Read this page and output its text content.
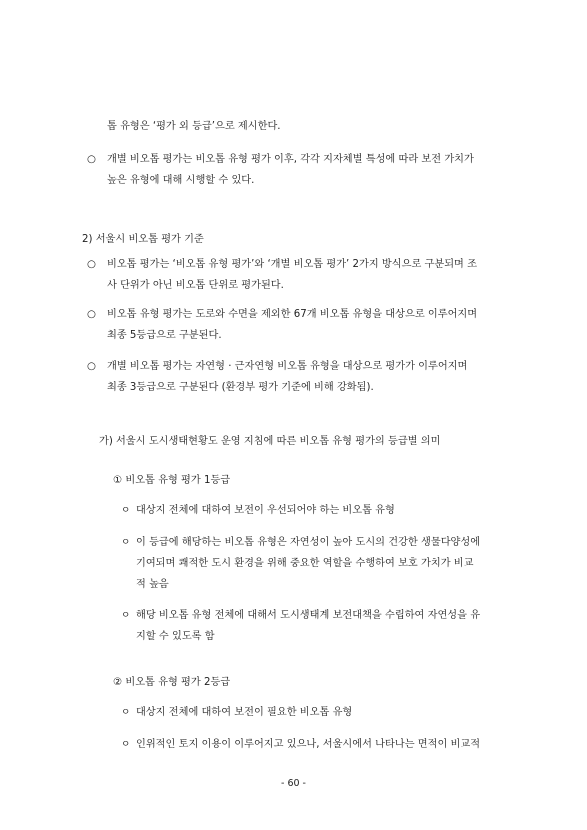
톱 유형은 ‘평가 외 등급’으로 제시한다.

○ 개별 비오톱 평가는 비오톱 유형 평가 이후, 각각 지자체별 특성에 따라 보전 가치가

높은 유형에 대해 시행할 수 있다.

2) 서울시 비오톱 평가 기준

○ 비오톱 평가는 ‘비오톱 유형 평가’와 ‘개별 비오톱 평가’ 2가지 방식으로 구분되며 조

사 단위가 아닌 비오톱 단위로 평가된다.

○ 비오톱 유형 평가는 도로와 수면을 제외한 67개 비오톱 유형을 대상으로 이루어지며

최종 5등급으로 구분된다.

○ 개별 비오톱 평가는 자연형 · 근자연형 비오톱 유형을 대상으로 평가가 이루어지며

최종 3등급으로 구분된다 (환경부 평가 기준에 비해 강화됨).

가) 서울시 도시생태현황도 운영 지침에 따른 비오톱 유형 평가의 등급별 의미

① 비오톱 유형 평가 1등급

ㅇ 대상지 전체에 대하여 보전이 우선되어야 하는 비오톱 유형

ㅇ 이 등급에 해당하는 비오톱 유형은 자연성이 높아 도시의 건강한 생물다양성에

기여되며 쾌적한 도시 환경을 위해 중요한 역할을 수행하여 보호 가치가 비교

적 높음

ㅇ 해당 비오톱 유형 전체에 대해서 도시생태계 보전대책을 수립하여 자연성을 유

지할 수 있도록 함

② 비오톱 유형 평가 2등급

ㅇ 대상지 전체에 대하여 보전이 필요한 비오톱 유형

ㅇ 인위적인 토지 이용이 이루어지고 있으나, 서울시에서 나타나는 면적이 비교적

- 60 -
